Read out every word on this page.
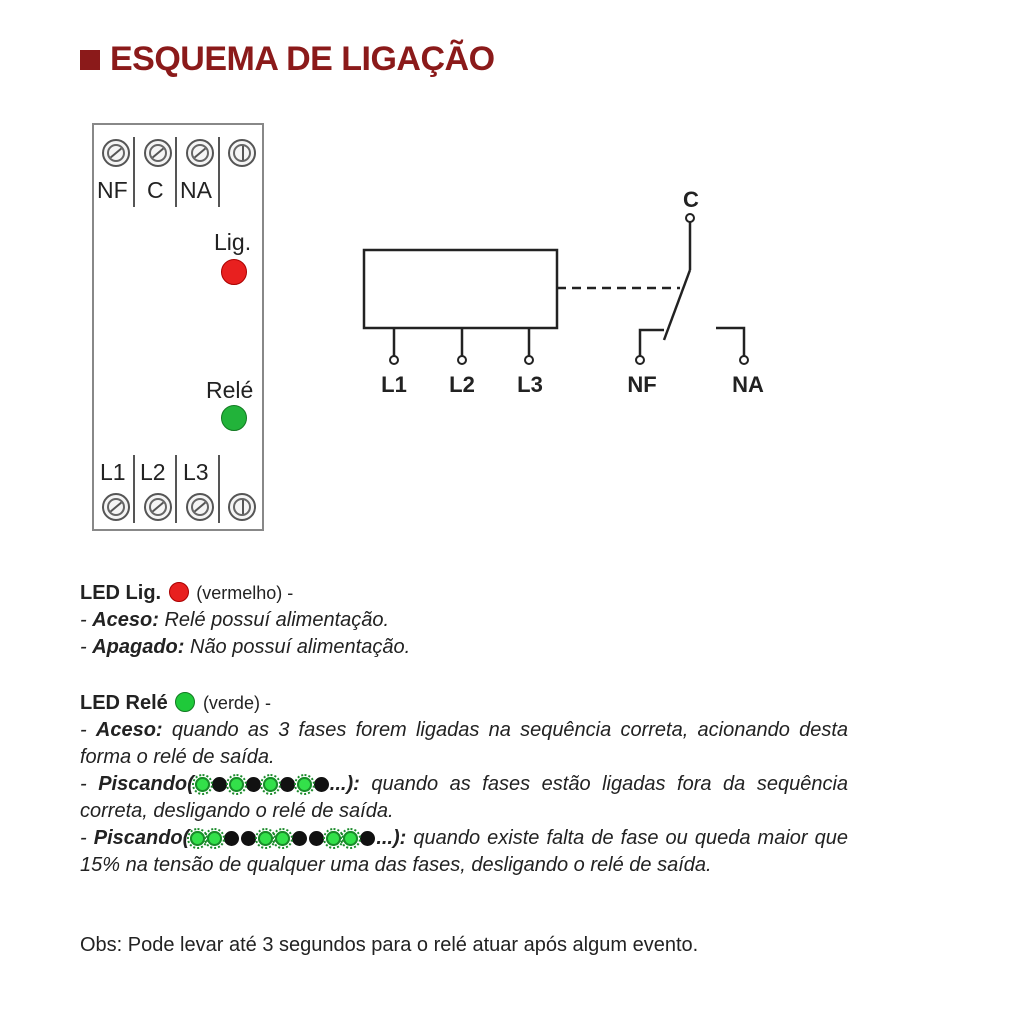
ESQUEMA DE LIGAÇÃO
NF C NA
Lig.
Relé
L1 L2 L3
C
L1 L2 L3	NF	NA
LED Lig. (vermelho) -
- Aceso: Relé possuí alimentação.
- Apagado: Não possuí alimentação.
LED Relé (verde) -
- Aceso: quando as 3 fases forem ligadas na sequência correta, acionando desta forma o relé de saída.
- Piscando(	...): quando as fases estão ligadas fora da sequência correta, desligando o relé de saída.
- Piscando(	...): quando existe falta de fase ou queda maior que 15% na tensão de qualquer uma das fases, desligando o relé de saída.
Obs: Pode levar até 3 segundos para o relé atuar após algum evento.
